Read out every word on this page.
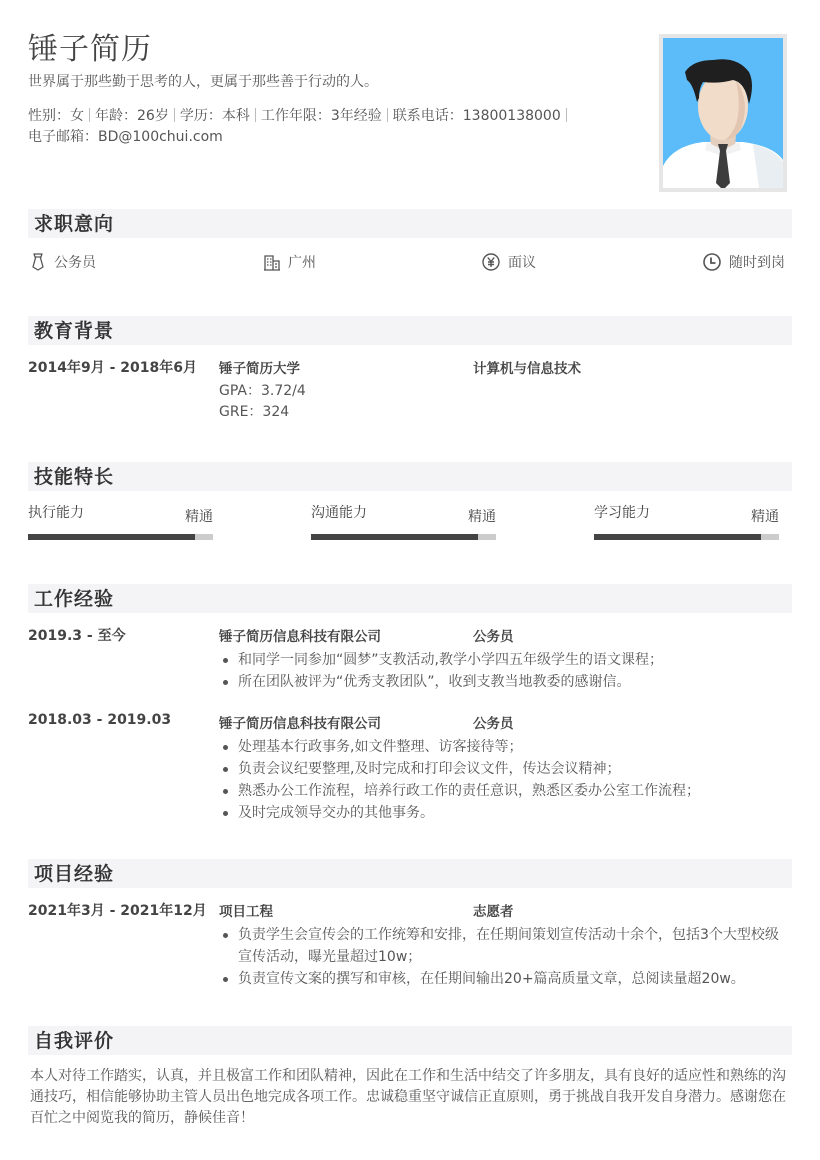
锤子简历
世界属于那些勤于思考的人，更属于那些善于行动的人。
性别：女 年龄：26岁 学历：本科 工作年限：3年经验 联系电话：13800138000
电子邮箱：BD@100chui.com
求职意向
公务员	广州	面议	随时到岗
教育背景
2014年9月 - 2018年6月 锤子简历大学	计算机与信息技术
GPA：3.72/4
GRE：324
技能特长
执行能力	精通	沟通能力	精通	学习能力	精通
工作经验
2019.3 - 至今	锤子简历信息科技有限公司	公务员
和同学一同参加“圆梦”支教活动,教学小学四五年级学生的语文课程；
所在团队被评为“优秀支教团队”，收到支教当地教委的感谢信。
2018.03 - 2019.03	锤子简历信息科技有限公司	公务员
处理基本行政事务,如文件整理、访客接待等；
负责会议纪要整理,及时完成和打印会议文件，传达会议精神；
熟悉办公工作流程，培养行政工作的责任意识，熟悉区委办公室工作流程；
及时完成领导交办的其他事务。
项目经验
2021年3月 - 2021年12月 项目工程	志愿者
负责学生会宣传会的工作统筹和安排，在任期间策划宣传活动十余个，包括3个大型校级宣传活动，曝光量超过10w；
负责宣传文案的撰写和审核，在任期间输出20+篇高质量文章，总阅读量超20w。
自我评价
本人对待工作踏实，认真，并且极富工作和团队精神，因此在工作和生活中结交了许多朋友，具有良好的适应性和熟练的沟通技巧，相信能够协助主管人员出色地完成各项工作。忠诚稳重坚守诚信正直原则，勇于挑战自我开发自身潜力。感谢您在百忙之中阅览我的简历，静候佳音！
